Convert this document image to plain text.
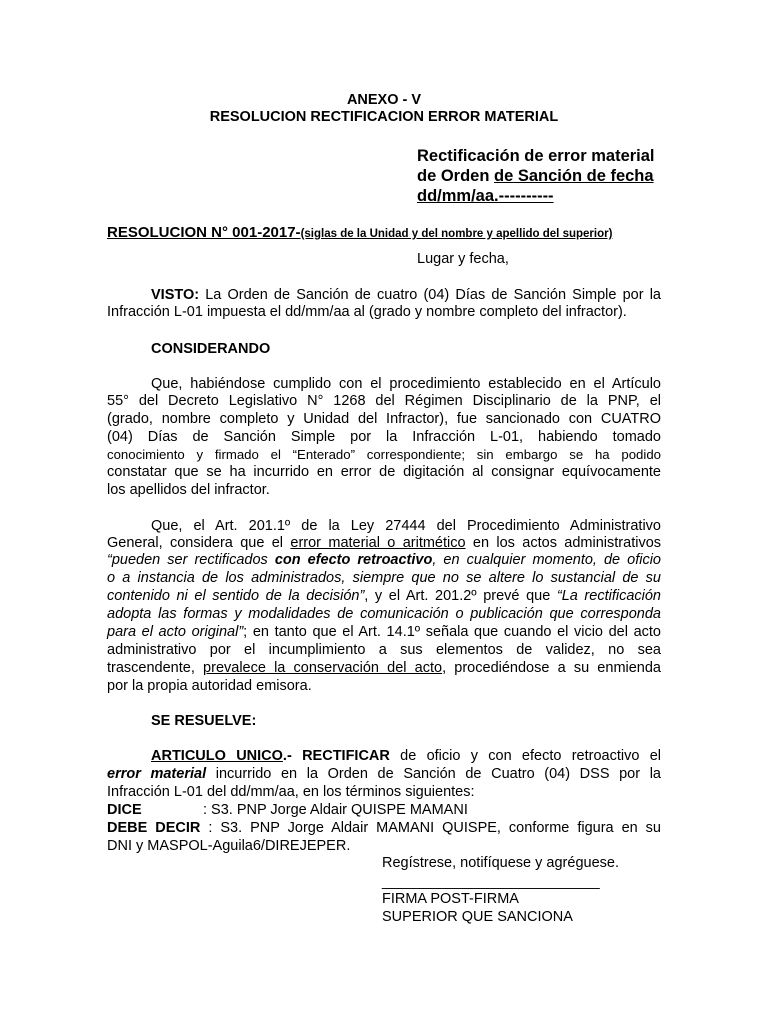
ANEXO - V
RESOLUCION RECTIFICACION ERROR MATERIAL
Rectificación de error material
de Orden de Sanción de fecha
dd/mm/aa.----------
RESOLUCION N° 001-2017-(siglas de la Unidad y del nombre y apellido del superior)
Lugar y fecha,
VISTO: La Orden de Sanción de cuatro (04) Días de Sanción Simple por la
Infracción L-01 impuesta el dd/mm/aa al (grado y nombre completo del infractor).
CONSIDERANDO
Que, habiéndose cumplido con el procedimiento establecido en el Artículo
55° del Decreto Legislativo N° 1268 del Régimen Disciplinario de la PNP, el
(grado, nombre completo y Unidad del Infractor), fue sancionado con CUATRO
(04) Días de Sanción Simple por la Infracción L-01, habiendo tomado
conocimiento y firmado el “Enterado” correspondiente; sin embargo se ha podido
constatar que se ha incurrido en error de digitación al consignar equívocamente
los apellidos del infractor.
Que, el Art. 201.1º de la Ley 27444 del Procedimiento Administrativo
General, considera que el error material o aritmético en los actos administrativos
“pueden ser rectificados con efecto retroactivo, en cualquier momento, de oficio
o a instancia de los administrados, siempre que no se altere lo sustancial de su
contenido ni el sentido de la decisión”, y el Art. 201.2º prevé que “La rectificación
adopta las formas y modalidades de comunicación o publicación que corresponda
para el acto original”; en tanto que el Art. 14.1º señala que cuando el vicio del acto
administrativo por el incumplimiento a sus elementos de validez, no sea
trascendente, prevalece la conservación del acto, procediéndose a su enmienda
por la propia autoridad emisora.
SE RESUELVE:
ARTICULO UNICO.- RECTIFICAR de oficio y con efecto retroactivo el
error material incurrido en la Orden de Sanción de Cuatro (04) DSS por la
Infracción L-01 del dd/mm/aa, en los términos siguientes:
DICE	: S3. PNP Jorge Aldair QUISPE MAMANI
DEBE DECIR : S3. PNP Jorge Aldair MAMANI QUISPE, conforme figura en su
DNI y MASPOL-Aguila6/DIREJEPER.
Regístrese, notifíquese y agréguese.
___________________________
FIRMA POST-FIRMA
SUPERIOR QUE SANCIONA
